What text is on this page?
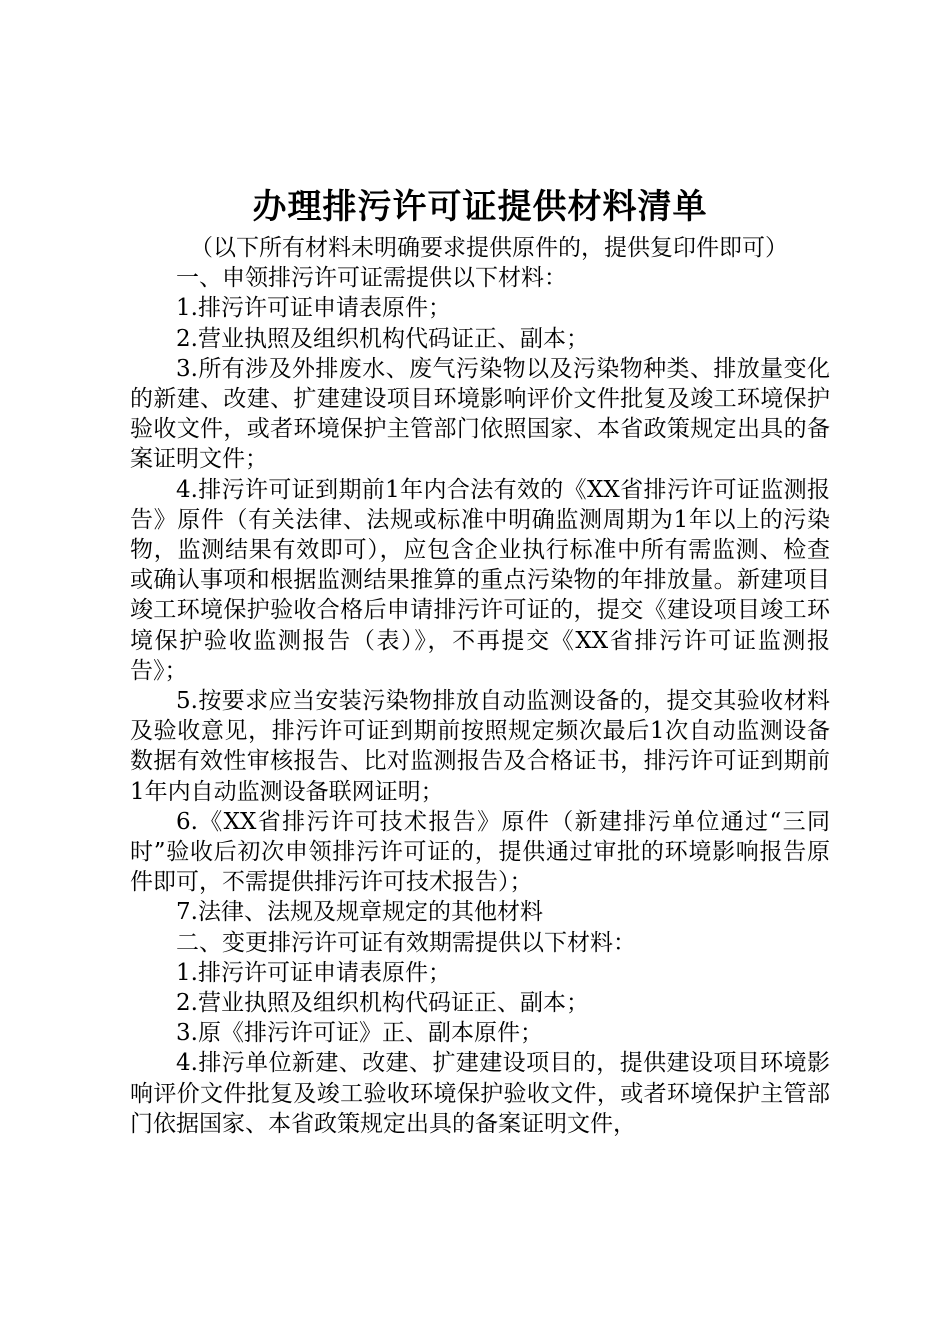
办理排污许可证提供材料清单

（以下所有材料未明确要求提供原件的，提供复印件即可）

一、申领排污许可证需提供以下材料：

1.排污许可证申请表原件；

2.营业执照及组织机构代码证正、副本；

3.所有涉及外排废水、废气污染物以及污染物种类、排放量变化的新建、改建、扩建建设项目环境影响评价文件批复及竣工环境保护验收文件，或者环境保护主管部门依照国家、本省政策规定出具的备案证明文件；

4.排污许可证到期前1年内合法有效的《XX省排污许可证监测报告》原件（有关法律、法规或标准中明确监测周期为1年以上的污染物，监测结果有效即可），应包含企业执行标准中所有需监测、检查或确认事项和根据监测结果推算的重点污染物的年排放量。新建项目竣工环境保护验收合格后申请排污许可证的，提交《建设项目竣工环境保护验收监测报告（表）》，不再提交《XX省排污许可证监测报告》；

5.按要求应当安装污染物排放自动监测设备的，提交其验收材料及验收意见，排污许可证到期前按照规定频次最后1次自动监测设备数据有效性审核报告、比对监测报告及合格证书，排污许可证到期前1年内自动监测设备联网证明；

6.《XX省排污许可技术报告》原件（新建排污单位通过“三同时”验收后初次申领排污许可证的，提供通过审批的环境影响报告原件即可，不需提供排污许可技术报告）；

7.法律、法规及规章规定的其他材料

二、变更排污许可证有效期需提供以下材料：

1.排污许可证申请表原件；

2.营业执照及组织机构代码证正、副本；

3.原《排污许可证》正、副本原件；

4.排污单位新建、改建、扩建建设项目的，提供建设项目环境影响评价文件批复及竣工验收环境保护验收文件，或者环境保护主管部门依据国家、本省政策规定出具的备案证明文件，
